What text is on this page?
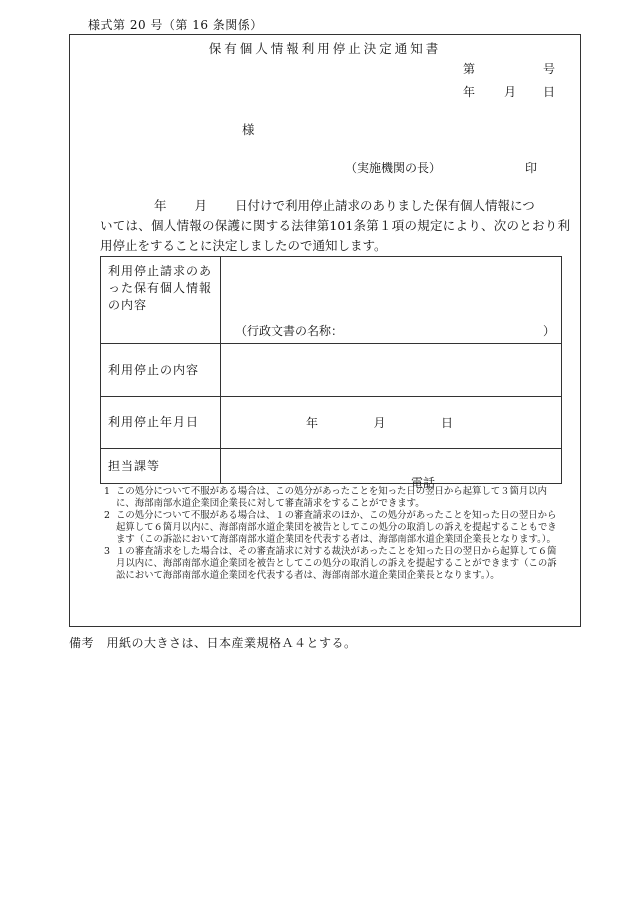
様式第 20 号（第 16 条関係）
保有個人情報利用停止決定通知書
第	号
年 月 日
様
（実施機関の長）	印

年 月 日付けで利用停止請求のありました保有個人情報につ

いては、個人情報の保護に関する法律第101条第１項の規定により、次のとおり利用停止をすることに決定しましたので通知します。

利用停止請求のあった保有個人情報の内容	（行政文書の名称： ）

利用停止の内容	
利用停止年月日	年 月 日

担当課等	電話
1 この処分について不服がある場合は、この処分があったことを知った日の翌日から起算して３箇月以内に、海部南部水道企業団企業長に対して審査請求をすることができます。
2 この処分について不服がある場合は、１の審査請求のほか、この処分があったことを知った日の翌日から起算して６箇月以内に、海部南部水道企業団を被告としてこの処分の取消しの訴えを提起することもできます（この訴訟において海部南部水道企業団を代表する者は、海部南部水道企業団企業長となります。）。
3 １の審査請求をした場合は、その審査請求に対する裁決があったことを知った日の翌日から起算して６箇月以内に、海部南部水道企業団を被告としてこの処分の取消しの訴えを提起することができます（この訴訟において海部南部水道企業団を代表する者は、海部南部水道企業団企業長となります。）。
備考　用紙の大きさは、日本産業規格Ａ４とする。
